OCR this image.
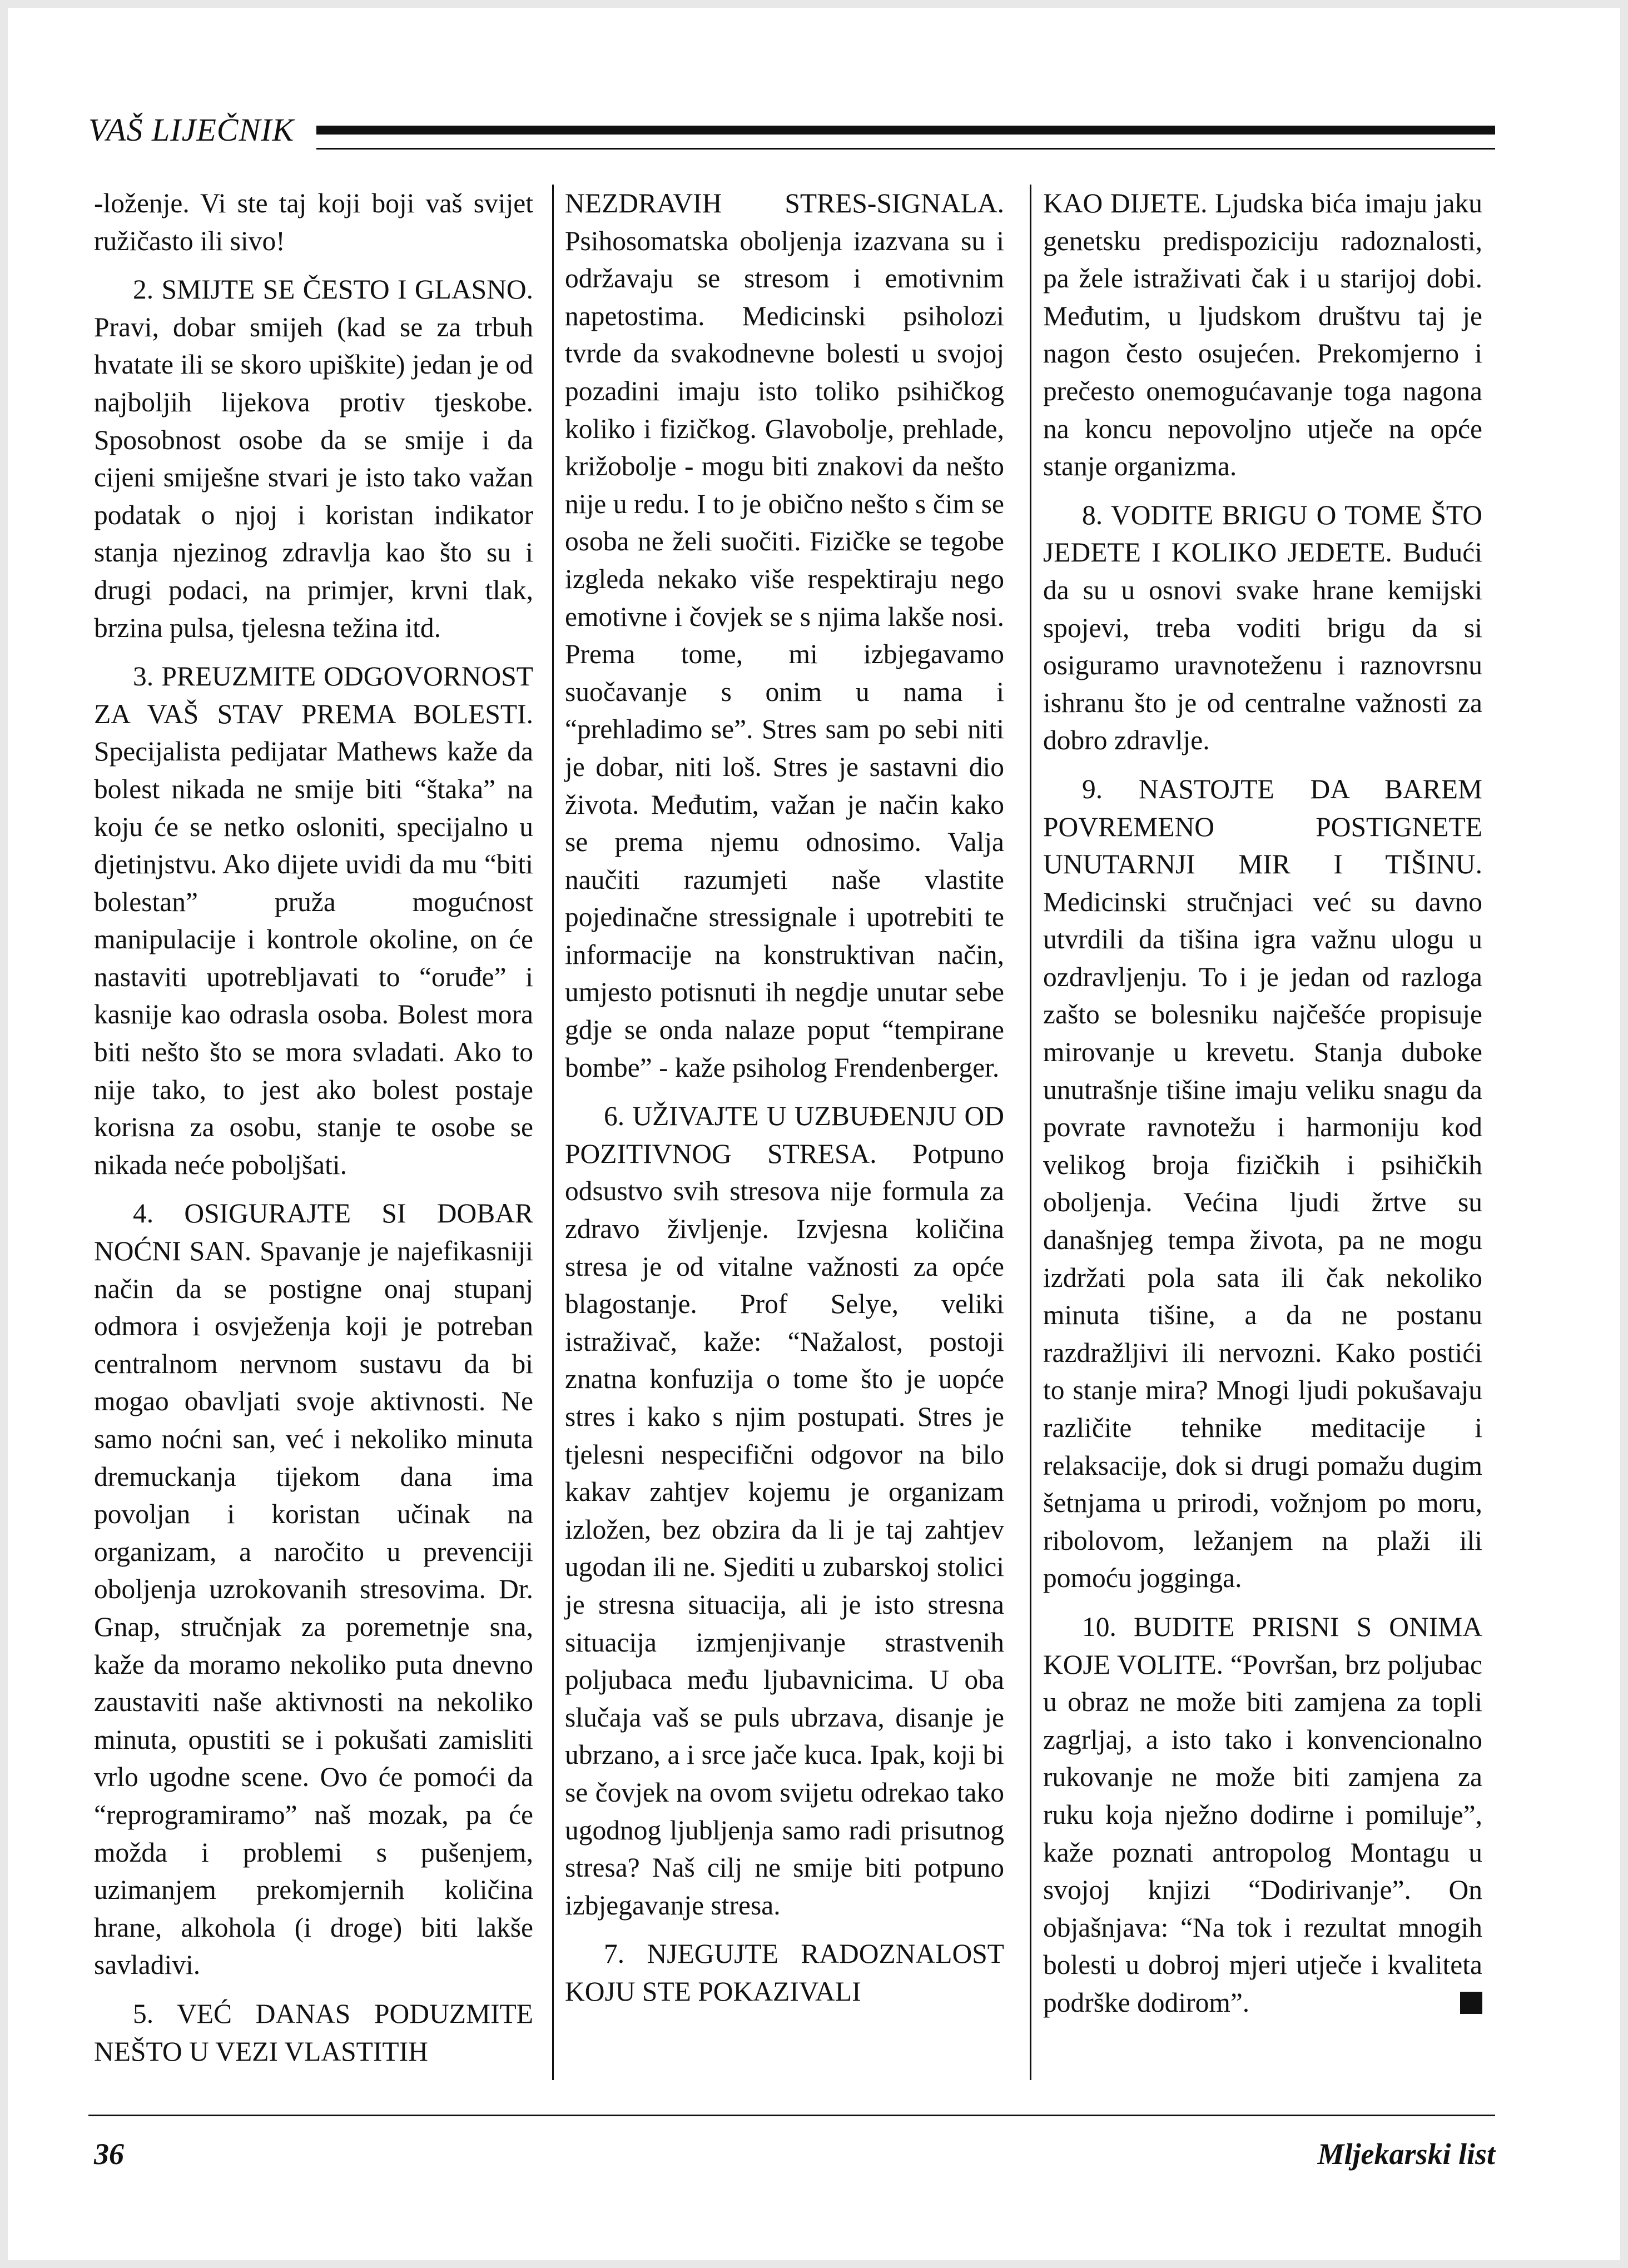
VAŠ LIJEČNIK

-loženje. Vi ste taj koji boji vaš svijet ružičasto ili sivo!

2. SMIJTE SE ČESTO I GLASNO. Pravi, dobar smijeh (kad se za trbuh hvatate ili se skoro upiškite) jedan je od najboljih lijekova protiv tjeskobe. Sposobnost osobe da se smije i da cijeni smiješne stvari je isto tako važan podatak o njoj i koristan indikator stanja njezinog zdravlja kao što su i drugi podaci, na primjer, krvni tlak, brzina pulsa, tjelesna težina itd.

3. PREUZMITE ODGOVORNOST ZA VAŠ STAV PREMA BOLESTI. Specijalista pedijatar Mathews kaže da bolest nikada ne smije biti “štaka” na koju će se netko osloniti, specijalno u djetinjstvu. Ako dijete uvidi da mu “biti bolestan” pruža mogućnost manipulacije i kontrole okoline, on će nastaviti upotrebljavati to “oruđe” i kasnije kao odrasla osoba. Bolest mora biti nešto što se mora svladati. Ako to nije tako, to jest ako bolest postaje korisna za osobu, stanje te osobe se nikada neće poboljšati.

4. OSIGURAJTE SI DOBAR NOĆNI SAN. Spavanje je najefikasniji način da se postigne onaj stupanj odmora i osvježenja koji je potreban centralnom nervnom sustavu da bi mogao obavljati svoje aktivnosti. Ne samo noćni san, već i nekoliko minuta dremuckanja tijekom dana ima povoljan i koristan učinak na organizam, a naročito u prevenciji oboljenja uzrokovanih stresovima. Dr. Gnap, stručnjak za poremetnje sna, kaže da moramo nekoliko puta dnevno zaustaviti naše aktivnosti na nekoliko minuta, opustiti se i pokušati zamisliti vrlo ugodne scene. Ovo će pomoći da “reprogramiramo” naš mozak, pa će možda i problemi s pušenjem, uzimanjem prekomjernih količina hrane, alkohola (i droge) biti lakše savladivi.

5. VEĆ DANAS PODUZMITE NEŠTO U VEZI VLASTITIH

NEZDRAVIH STRES-SIGNALA. Psihosomatska oboljenja izazvana su i održavaju se stresom i emotivnim napetostima. Medicinski psiholozi tvrde da svakodnevne bolesti u svojoj pozadini imaju isto toliko psihičkog koliko i fizičkog. Glavobolje, prehlade, križobolje - mogu biti znakovi da nešto nije u redu. I to je obično nešto s čim se osoba ne želi suočiti. Fizičke se tegobe izgleda nekako više respektiraju nego emotivne i čovjek se s njima lakše nosi. Prema tome, mi izbjegavamo suočavanje s onim u nama i “prehladimo se”. Stres sam po sebi niti je dobar, niti loš. Stres je sastavni dio života. Međutim, važan je način kako se prema njemu odnosimo. Valja naučiti razumjeti naše vlastite pojedinačne stressignale i upotrebiti te informacije na konstruktivan način, umjesto potisnuti ih negdje unutar sebe gdje se onda nalaze poput “tempirane bombe” - kaže psiholog Frendenberger.

6. UŽIVAJTE U UZBUĐENJU OD POZITIVNOG STRESA. Potpuno odsustvo svih stresova nije formula za zdravo življenje. Izvjesna količina stresa je od vitalne važnosti za opće blagostanje. Prof Selye, veliki istraživač, kaže: “Nažalost, postoji znatna konfuzija o tome što je uopće stres i kako s njim postupati. Stres je tjelesni nespecifični odgovor na bilo kakav zahtjev kojemu je organizam izložen, bez obzira da li je taj zahtjev ugodan ili ne. Sjediti u zubarskoj stolici je stresna situacija, ali je isto stresna situacija izmjenjivanje strastvenih poljubaca među ljubavnicima. U oba slučaja vaš se puls ubrzava, disanje je ubrzano, a i srce jače kuca. Ipak, koji bi se čovjek na ovom svijetu odrekao tako ugodnog ljubljenja samo radi prisutnog stresa? Naš cilj ne smije biti potpuno izbjegavanje stresa.

7. NJEGUJTE RADOZNALOST KOJU STE POKAZIVALI

KAO DIJETE. Ljudska bića imaju jaku genetsku predispoziciju radoznalosti, pa žele istraživati čak i u starijoj dobi. Međutim, u ljudskom društvu taj je nagon često osujećen. Prekomjerno i prečesto onemogućavanje toga nagona na koncu nepovoljno utječe na opće stanje organizma.

8. VODITE BRIGU O TOME ŠTO JEDETE I KOLIKO JEDETE. Budući da su u osnovi svake hrane kemijski spojevi, treba voditi brigu da si osiguramo uravnoteženu i raznovrsnu ishranu što je od centralne važnosti za dobro zdravlje.

9. NASTOJTE DA BAREM POVREMENO POSTIGNETE UNUTARNJI MIR I TIŠINU. Medicinski stručnjaci već su davno utvrdili da tišina igra važnu ulogu u ozdravljenju. To i je jedan od razloga zašto se bolesniku najčešće propisuje mirovanje u krevetu. Stanja duboke unutrašnje tišine imaju veliku snagu da povrate ravnotežu i harmoniju kod velikog broja fizičkih i psihičkih oboljenja. Većina ljudi žrtve su današnjeg tempa života, pa ne mogu izdržati pola sata ili čak nekoliko minuta tišine, a da ne postanu razdražljivi ili nervozni. Kako postići to stanje mira? Mnogi ljudi pokušavaju različite tehnike meditacije i relaksacije, dok si drugi pomažu dugim šetnjama u prirodi, vožnjom po moru, ribolovom, ležanjem na plaži ili pomoću jogginga.

10. BUDITE PRISNI S ONIMA KOJE VOLITE. “Površan, brz poljubac u obraz ne može biti zamjena za topli zagrljaj, a isto tako i konvencionalno rukovanje ne može biti zamjena za ruku koja nježno dodirne i pomiluje”, kaže poznati antropolog Montagu u svojoj knjizi “Dodirivanje”. On objašnjava: “Na tok i rezultat mnogih bolesti u dobroj mjeri utječe i kvaliteta podrške dodirom”.

36	Mljekarski list
